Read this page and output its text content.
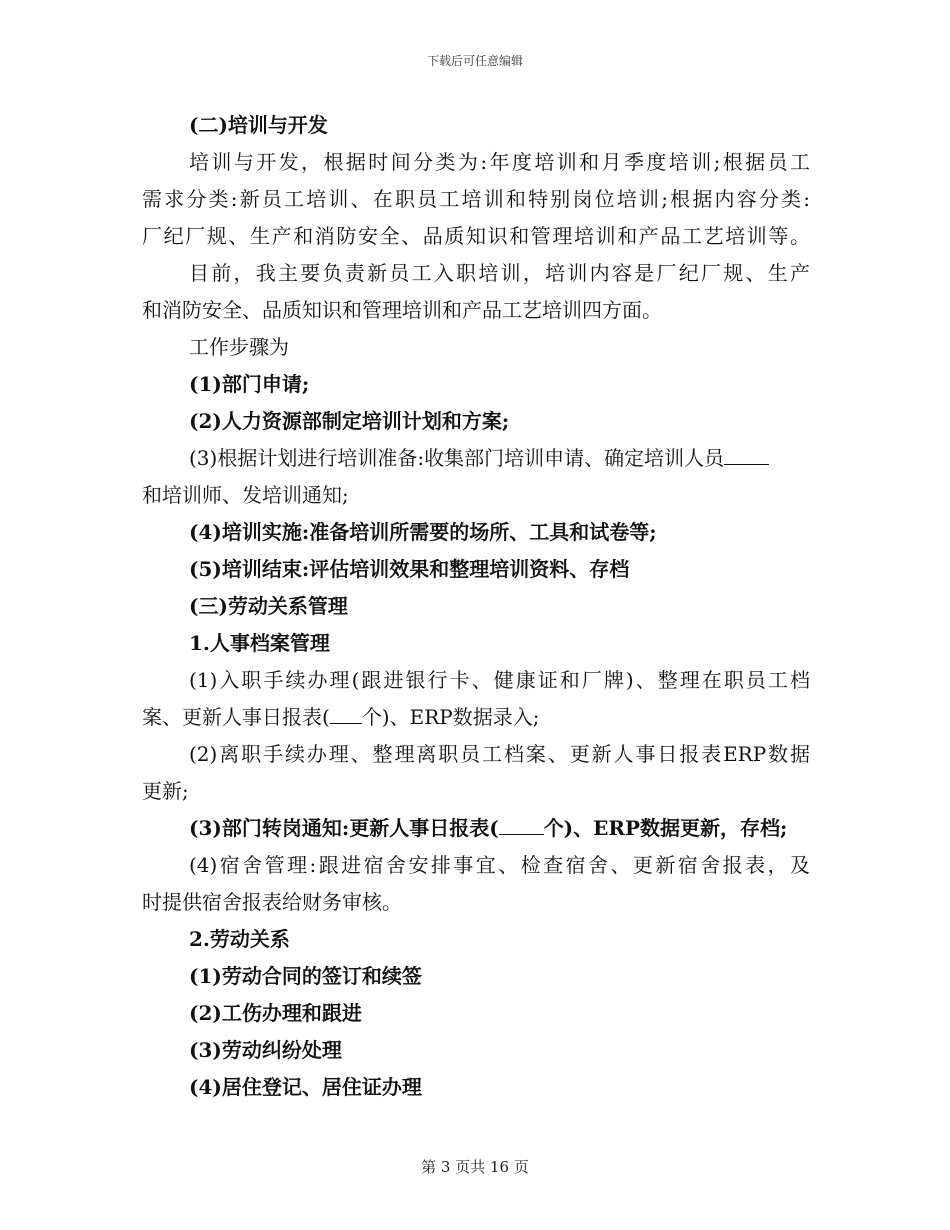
下载后可任意编辑
(二)培训与开发
培训与开发，根据时间分类为:年度培训和月季度培训;根据员工
需求分类:新员工培训、在职员工培训和特别岗位培训;根据内容分类:
厂纪厂规、生产和消防安全、品质知识和管理培训和产品工艺培训等。
目前，我主要负责新员工入职培训，培训内容是厂纪厂规、生产
和消防安全、品质知识和管理培训和产品工艺培训四方面。
工作步骤为
(1)部门申请;
(2)人力资源部制定培训计划和方案;
(3)根据计划进行培训准备:收集部门培训申请、确定培训人员
和培训师、发培训通知;
(4)培训实施:准备培训所需要的场所、工具和试卷等;
(5)培训结束:评估培训效果和整理培训资料、存档
(三)劳动关系管理
1.人事档案管理
(1)入职手续办理(跟进银行卡、健康证和厂牌)、整理在职员工档
案、更新人事日报表( 个)、ERP数据录入;
(2)离职手续办理、整理离职员工档案、更新人事日报表ERP数据
更新;
(3)部门转岗通知:更新人事日报表( 个)、ERP数据更新，存档;
(4)宿舍管理:跟进宿舍安排事宜、检查宿舍、更新宿舍报表，及
时提供宿舍报表给财务审核。
2.劳动关系
(1)劳动合同的签订和续签
(2)工伤办理和跟进
(3)劳动纠纷处理
(4)居住登记、居住证办理
第 3 页共 16 页
